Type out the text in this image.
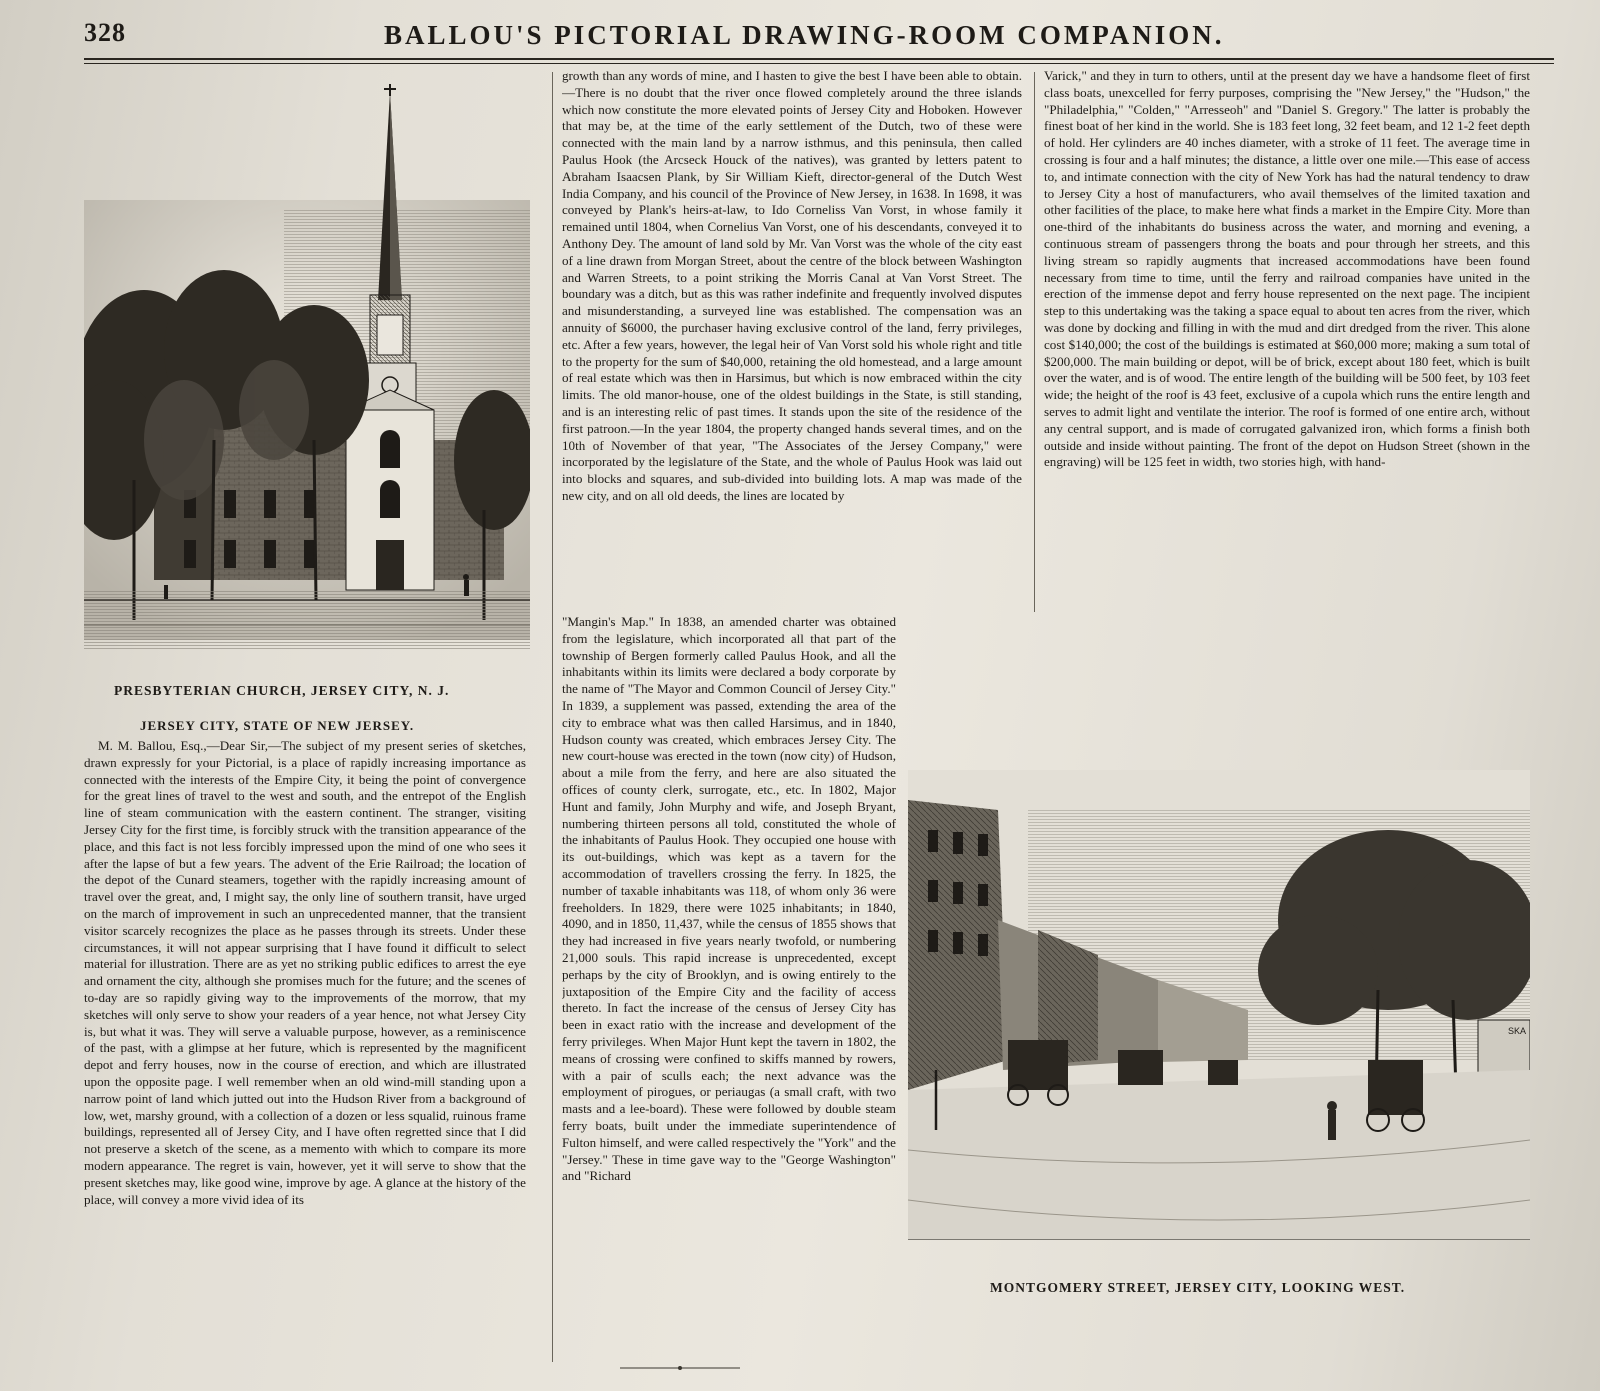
328	BALLOU'S PICTORIAL DRAWING-ROOM COMPANION.
PRESBYTERIAN CHURCH, JERSEY CITY, N. J.
JERSEY CITY, STATE OF NEW JERSEY.

M. M. Ballou, Esq.,—Dear Sir,—The subject of my present series of sketches, drawn expressly for your Pictorial, is a place of rapidly increasing importance as connected with the interests of the Empire City, it being the point of convergence for the great lines of travel to the west and south, and the entrepot of the English line of steam communication with the eastern continent. The stranger, visiting Jersey City for the first time, is forcibly struck with the transition appearance of the place, and this fact is not less forcibly impressed upon the mind of one who sees it after the lapse of but a few years. The advent of the Erie Railroad; the location of the depot of the Cunard steamers, together with the rapidly increasing amount of travel over the great, and, I might say, the only line of southern transit, have urged on the march of improvement in such an unprecedented manner, that the transient visitor scarcely recognizes the place as he passes through its streets. Under these circumstances, it will not appear surprising that I have found it difficult to select material for illustration. There are as yet no striking public edifices to arrest the eye and ornament the city, although she promises much for the future; and the scenes of to-day are so rapidly giving way to the improvements of the morrow, that my sketches will only serve to show your readers of a year hence, not what Jersey City is, but what it was. They will serve a valuable purpose, however, as a reminiscence of the past, with a glimpse at her future, which is represented by the magnificent depot and ferry houses, now in the course of erection, and which are illustrated upon the opposite page. I well remember when an old wind-mill standing upon a narrow point of land which jutted out into the Hudson River from a background of low, wet, marshy ground, with a collection of a dozen or less squalid, ruinous frame buildings, represented all of Jersey City, and I have often regretted since that I did not preserve a sketch of the scene, as a memento with which to compare its more modern appearance. The regret is vain, however, yet it will serve to show that the present sketches may, like good wine, improve by age. A glance at the history of the place, will convey a more vivid idea of its

growth than any words of mine, and I hasten to give the best I have been able to obtain.—There is no doubt that the river once flowed completely around the three islands which now constitute the more elevated points of Jersey City and Hoboken. However that may be, at the time of the early settlement of the Dutch, two of these were connected with the main land by a narrow isthmus, and this peninsula, then called Paulus Hook (the Arcseck Houck of the natives), was granted by letters patent to Abraham Isaacsen Plank, by Sir William Kieft, director-general of the Dutch West India Company, and his council of the Province of New Jersey, in 1638. In 1698, it was conveyed by Plank's heirs-at-law, to Ido Corneliss Van Vorst, in whose family it remained until 1804, when Cornelius Van Vorst, one of his descendants, conveyed it to Anthony Dey. The amount of land sold by Mr. Van Vorst was the whole of the city east of a line drawn from Morgan Street, about the centre of the block between Washington and Warren Streets, to a point striking the Morris Canal at Van Vorst Street. The boundary was a ditch, but as this was rather indefinite and frequently involved disputes and misunderstanding, a surveyed line was established. The compensation was an annuity of $6000, the purchaser having exclusive control of the land, ferry privileges, etc. After a few years, however, the legal heir of Van Vorst sold his whole right and title to the property for the sum of $40,000, retaining the old homestead, and a large amount of real estate which was then in Harsimus, but which is now embraced within the city limits. The old manor-house, one of the oldest buildings in the State, is still standing, and is an interesting relic of past times. It stands upon the site of the residence of the first patroon.—In the year 1804, the property changed hands several times, and on the 10th of November of that year, "The Associates of the Jersey Company," were incorporated by the legislature of the State, and the whole of Paulus Hook was laid out into blocks and squares, and sub-divided into building lots. A map was made of the new city, and on all old deeds, the lines are located by

"Mangin's Map." In 1838, an amended charter was obtained from the legislature, which incorporated all that part of the township of Bergen formerly called Paulus Hook, and all the inhabitants within its limits were declared a body corporate by the name of "The Mayor and Common Council of Jersey City." In 1839, a supplement was passed, extending the area of the city to embrace what was then called Harsimus, and in 1840, Hudson county was created, which embraces Jersey City. The new court-house was erected in the town (now city) of Hudson, about a mile from the ferry, and here are also situated the offices of county clerk, surrogate, etc., etc. In 1802, Major Hunt and family, John Murphy and wife, and Joseph Bryant, numbering thirteen persons all told, constituted the whole of the inhabitants of Paulus Hook. They occupied one house with its out-buildings, which was kept as a tavern for the accommodation of travellers crossing the ferry. In 1825, the number of taxable inhabitants was 118, of whom only 36 were freeholders. In 1829, there were 1025 inhabitants; in 1840, 4090, and in 1850, 11,437, while the census of 1855 shows that they had increased in five years nearly twofold, or numbering 21,000 souls. This rapid increase is unprecedented, except perhaps by the city of Brooklyn, and is owing entirely to the juxtaposition of the Empire City and the facility of access thereto. In fact the increase of the census of Jersey City has been in exact ratio with the increase and development of the ferry privileges. When Major Hunt kept the tavern in 1802, the means of crossing were confined to skiffs manned by rowers, with a pair of sculls each; the next advance was the employment of pirogues, or periaugas (a small craft, with two masts and a lee-board). These were followed by double steam ferry boats, built under the immediate superintendence of Fulton himself, and were called respectively the "York" and the "Jersey." These in time gave way to the "George Washington" and "Richard

Varick," and they in turn to others, until at the present day we have a handsome fleet of first class boats, unexcelled for ferry purposes, comprising the "New Jersey," the "Hudson," the "Philadelphia," "Colden," "Arresseoh" and "Daniel S. Gregory." The latter is probably the finest boat of her kind in the world. She is 183 feet long, 32 feet beam, and 12 1-2 feet depth of hold. Her cylinders are 40 inches diameter, with a stroke of 11 feet. The average time in crossing is four and a half minutes; the distance, a little over one mile.—This ease of access to, and intimate connection with the city of New York has had the natural tendency to draw to Jersey City a host of manufacturers, who avail themselves of the limited taxation and other facilities of the place, to make here what finds a market in the Empire City. More than one-third of the inhabitants do business across the water, and morning and evening, a continuous stream of passengers throng the boats and pour through her streets, and this living stream so rapidly augments that increased accommodations have been found necessary from time to time, until the ferry and railroad companies have united in the erection of the immense depot and ferry house represented on the next page. The incipient step to this undertaking was the taking a space equal to about ten acres from the river, which was done by docking and filling in with the mud and dirt dredged from the river. This alone cost $140,000; the cost of the buildings is estimated at $60,000 more; making a sum total of $200,000. The main building or depot, will be of brick, except about 180 feet, which is built over the water, and is of wood. The entire length of the building will be 500 feet, by 103 feet wide; the height of the roof is 43 feet, exclusive of a cupola which runs the entire length and serves to admit light and ventilate the interior. The roof is formed of one entire arch, without any central support, and is made of corrugated galvanized iron, which forms a finish both outside and inside without painting. The front of the depot on Hudson Street (shown in the engraving) will be 125 feet in width, two stories high, with hand-

SKA
MONTGOMERY STREET, JERSEY CITY, LOOKING WEST.
